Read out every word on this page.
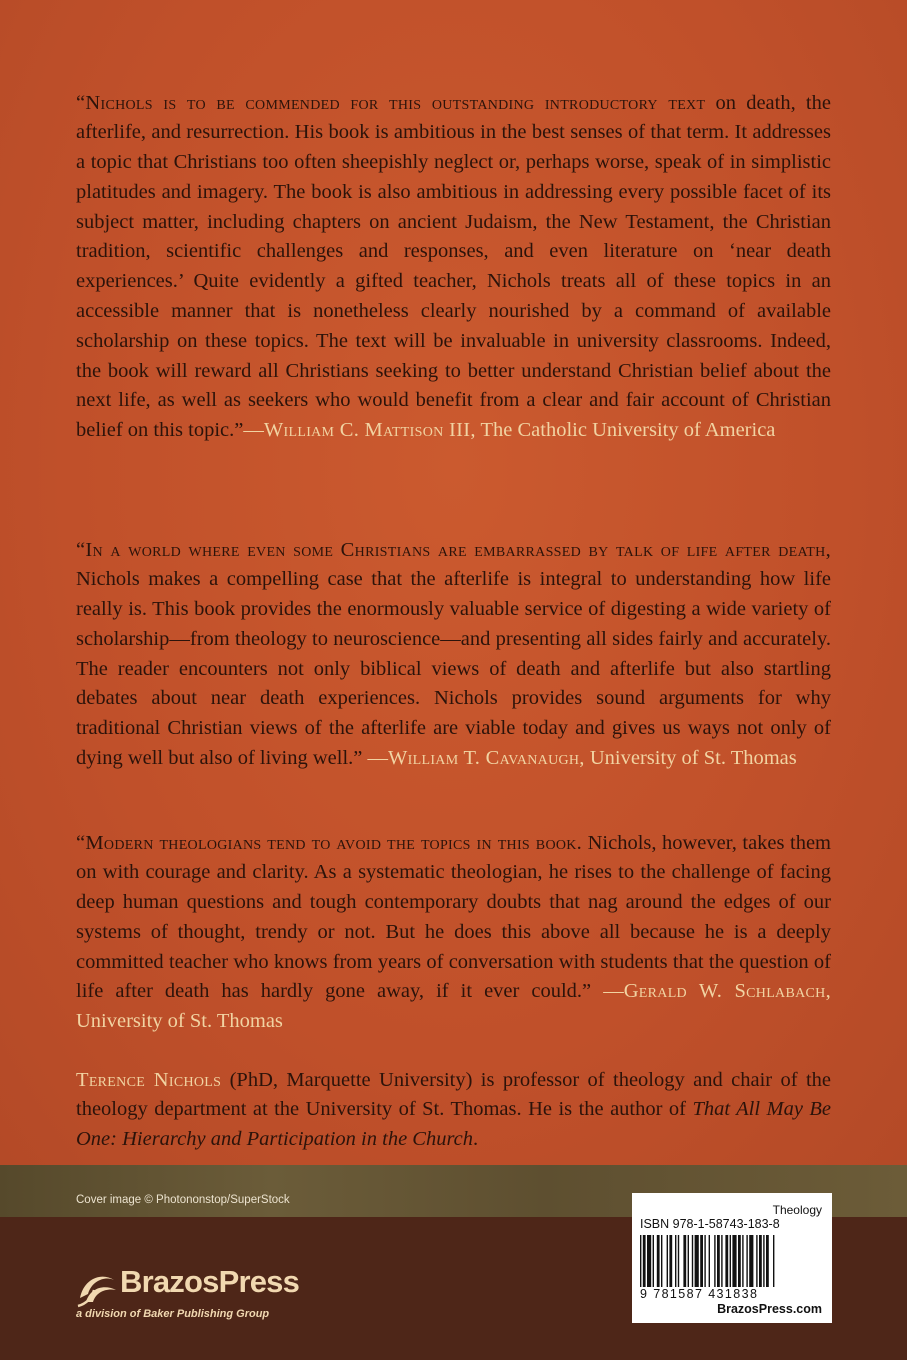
“Nichols is to be commended for this outstanding introductory text on death, the afterlife, and resurrection. His book is ambitious in the best senses of that term. It addresses a topic that Christians too often sheepishly neglect or, perhaps worse, speak of in simplistic platitudes and imagery. The book is also ambitious in addressing every possible facet of its subject matter, including chapters on ancient Judaism, the New Testament, the Christian tradition, scientific challenges and responses, and even literature on ‘near death experiences.’ Quite evidently a gifted teacher, Nichols treats all of these topics in an accessible manner that is nonetheless clearly nourished by a command of available scholarship on these topics. The text will be invaluable in university classrooms. Indeed, the book will reward all Christians seeking to better understand Christian belief about the next life, as well as seekers who would benefit from a clear and fair account of Christian belief on this topic.”—William C. Mattison III, The Catholic University of America

“In a world where even some Christians are embarrassed by talk of life after death, Nichols makes a compelling case that the afterlife is integral to understanding how life really is. This book provides the enormously valuable service of digesting a wide variety of scholarship—from theology to neuroscience—and presenting all sides fairly and accurately. The reader encounters not only biblical views of death and afterlife but also startling debates about near death experiences. Nichols provides sound arguments for why traditional Christian views of the afterlife are viable today and gives us ways not only of dying well but also of living well.” —William T. Cavanaugh, University of St. Thomas

“Modern theologians tend to avoid the topics in this book. Nichols, however, takes them on with courage and clarity. As a systematic theologian, he rises to the challenge of facing deep human questions and tough contemporary doubts that nag around the edges of our systems of thought, trendy or not. But he does this above all because he is a deeply committed teacher who knows from years of conversation with students that the question of life after death has hardly gone away, if it ever could.” —Gerald W. Schlabach, University of St. Thomas

Terence Nichols (PhD, Marquette University) is professor of theology and chair of the theology department at the University of St. Thomas. He is the author of That All May Be One: Hierarchy and Participation in the Church.

Cover image © Photononstop/SuperStock
BrazosPress
a division of Baker Publishing Group
Theology
ISBN 978-1-58743-183-8
9 781587 431838
BrazosPress.com
